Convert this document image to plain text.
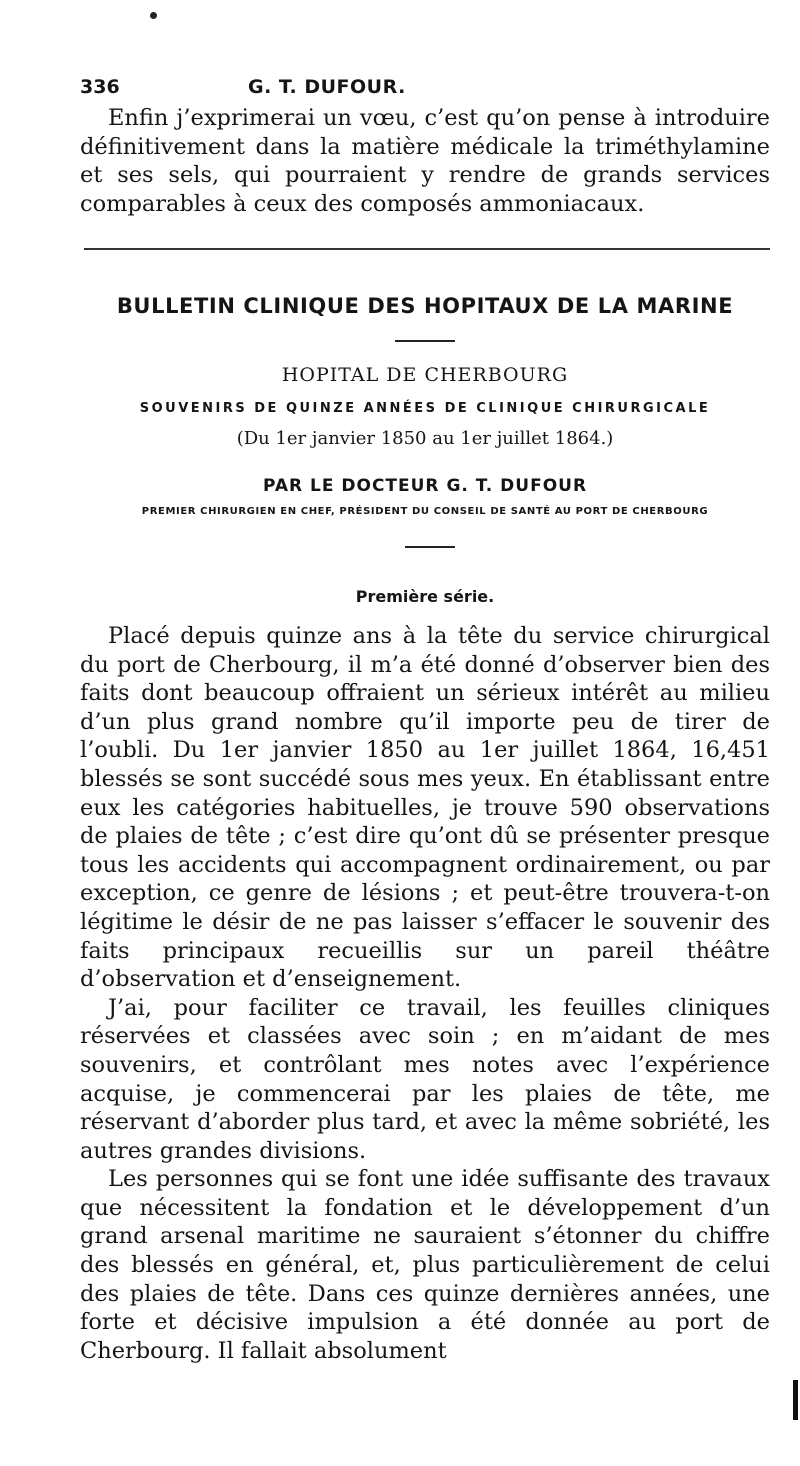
336	G. T. DUFOUR.

Enfin j’exprimerai un vœu, c’est qu’on pense à introduire définitivement dans la matière médicale la triméthylamine et ses sels, qui pourraient y rendre de grands services comparables à ceux des composés ammoniacaux.

BULLETIN CLINIQUE DES HOPITAUX DE LA MARINE
HOPITAL DE CHERBOURG
SOUVENIRS DE QUINZE ANNÉES DE CLINIQUE CHIRURGICALE
(Du 1er janvier 1850 au 1er juillet 1864.)
PAR LE DOCTEUR G. T. DUFOUR
PREMIER CHIRURGIEN EN CHEF, PRÉSIDENT DU CONSEIL DE SANTÉ AU PORT DE CHERBOURG
Première série.

Placé depuis quinze ans à la tête du service chirurgical du port de Cherbourg, il m’a été donné d’observer bien des faits dont beaucoup offraient un sérieux intérêt au milieu d’un plus grand nombre qu’il importe peu de tirer de l’oubli. Du 1er janvier 1850 au 1er juillet 1864, 16,451 blessés se sont succédé sous mes yeux. En établissant entre eux les catégories habituelles, je trouve 590 observations de plaies de tête ; c’est dire qu’ont dû se présenter presque tous les accidents qui accompagnent ordinairement, ou par exception, ce genre de lésions ; et peut-être trouvera-t-on légitime le désir de ne pas laisser s’effacer le souvenir des faits principaux recueillis sur un pareil théâtre d’observation et d’enseignement.

J’ai, pour faciliter ce travail, les feuilles cliniques réservées et classées avec soin ; en m’aidant de mes souvenirs, et contrôlant mes notes avec l’expérience acquise, je commencerai par les plaies de tête, me réservant d’aborder plus tard, et avec la même sobriété, les autres grandes divisions.

Les personnes qui se font une idée suffisante des travaux que nécessitent la fondation et le développement d’un grand arsenal maritime ne sauraient s’étonner du chiffre des blessés en général, et, plus particulièrement de celui des plaies de tête. Dans ces quinze dernières années, une forte et décisive impulsion a été donnée au port de Cherbourg. Il fallait absolument
